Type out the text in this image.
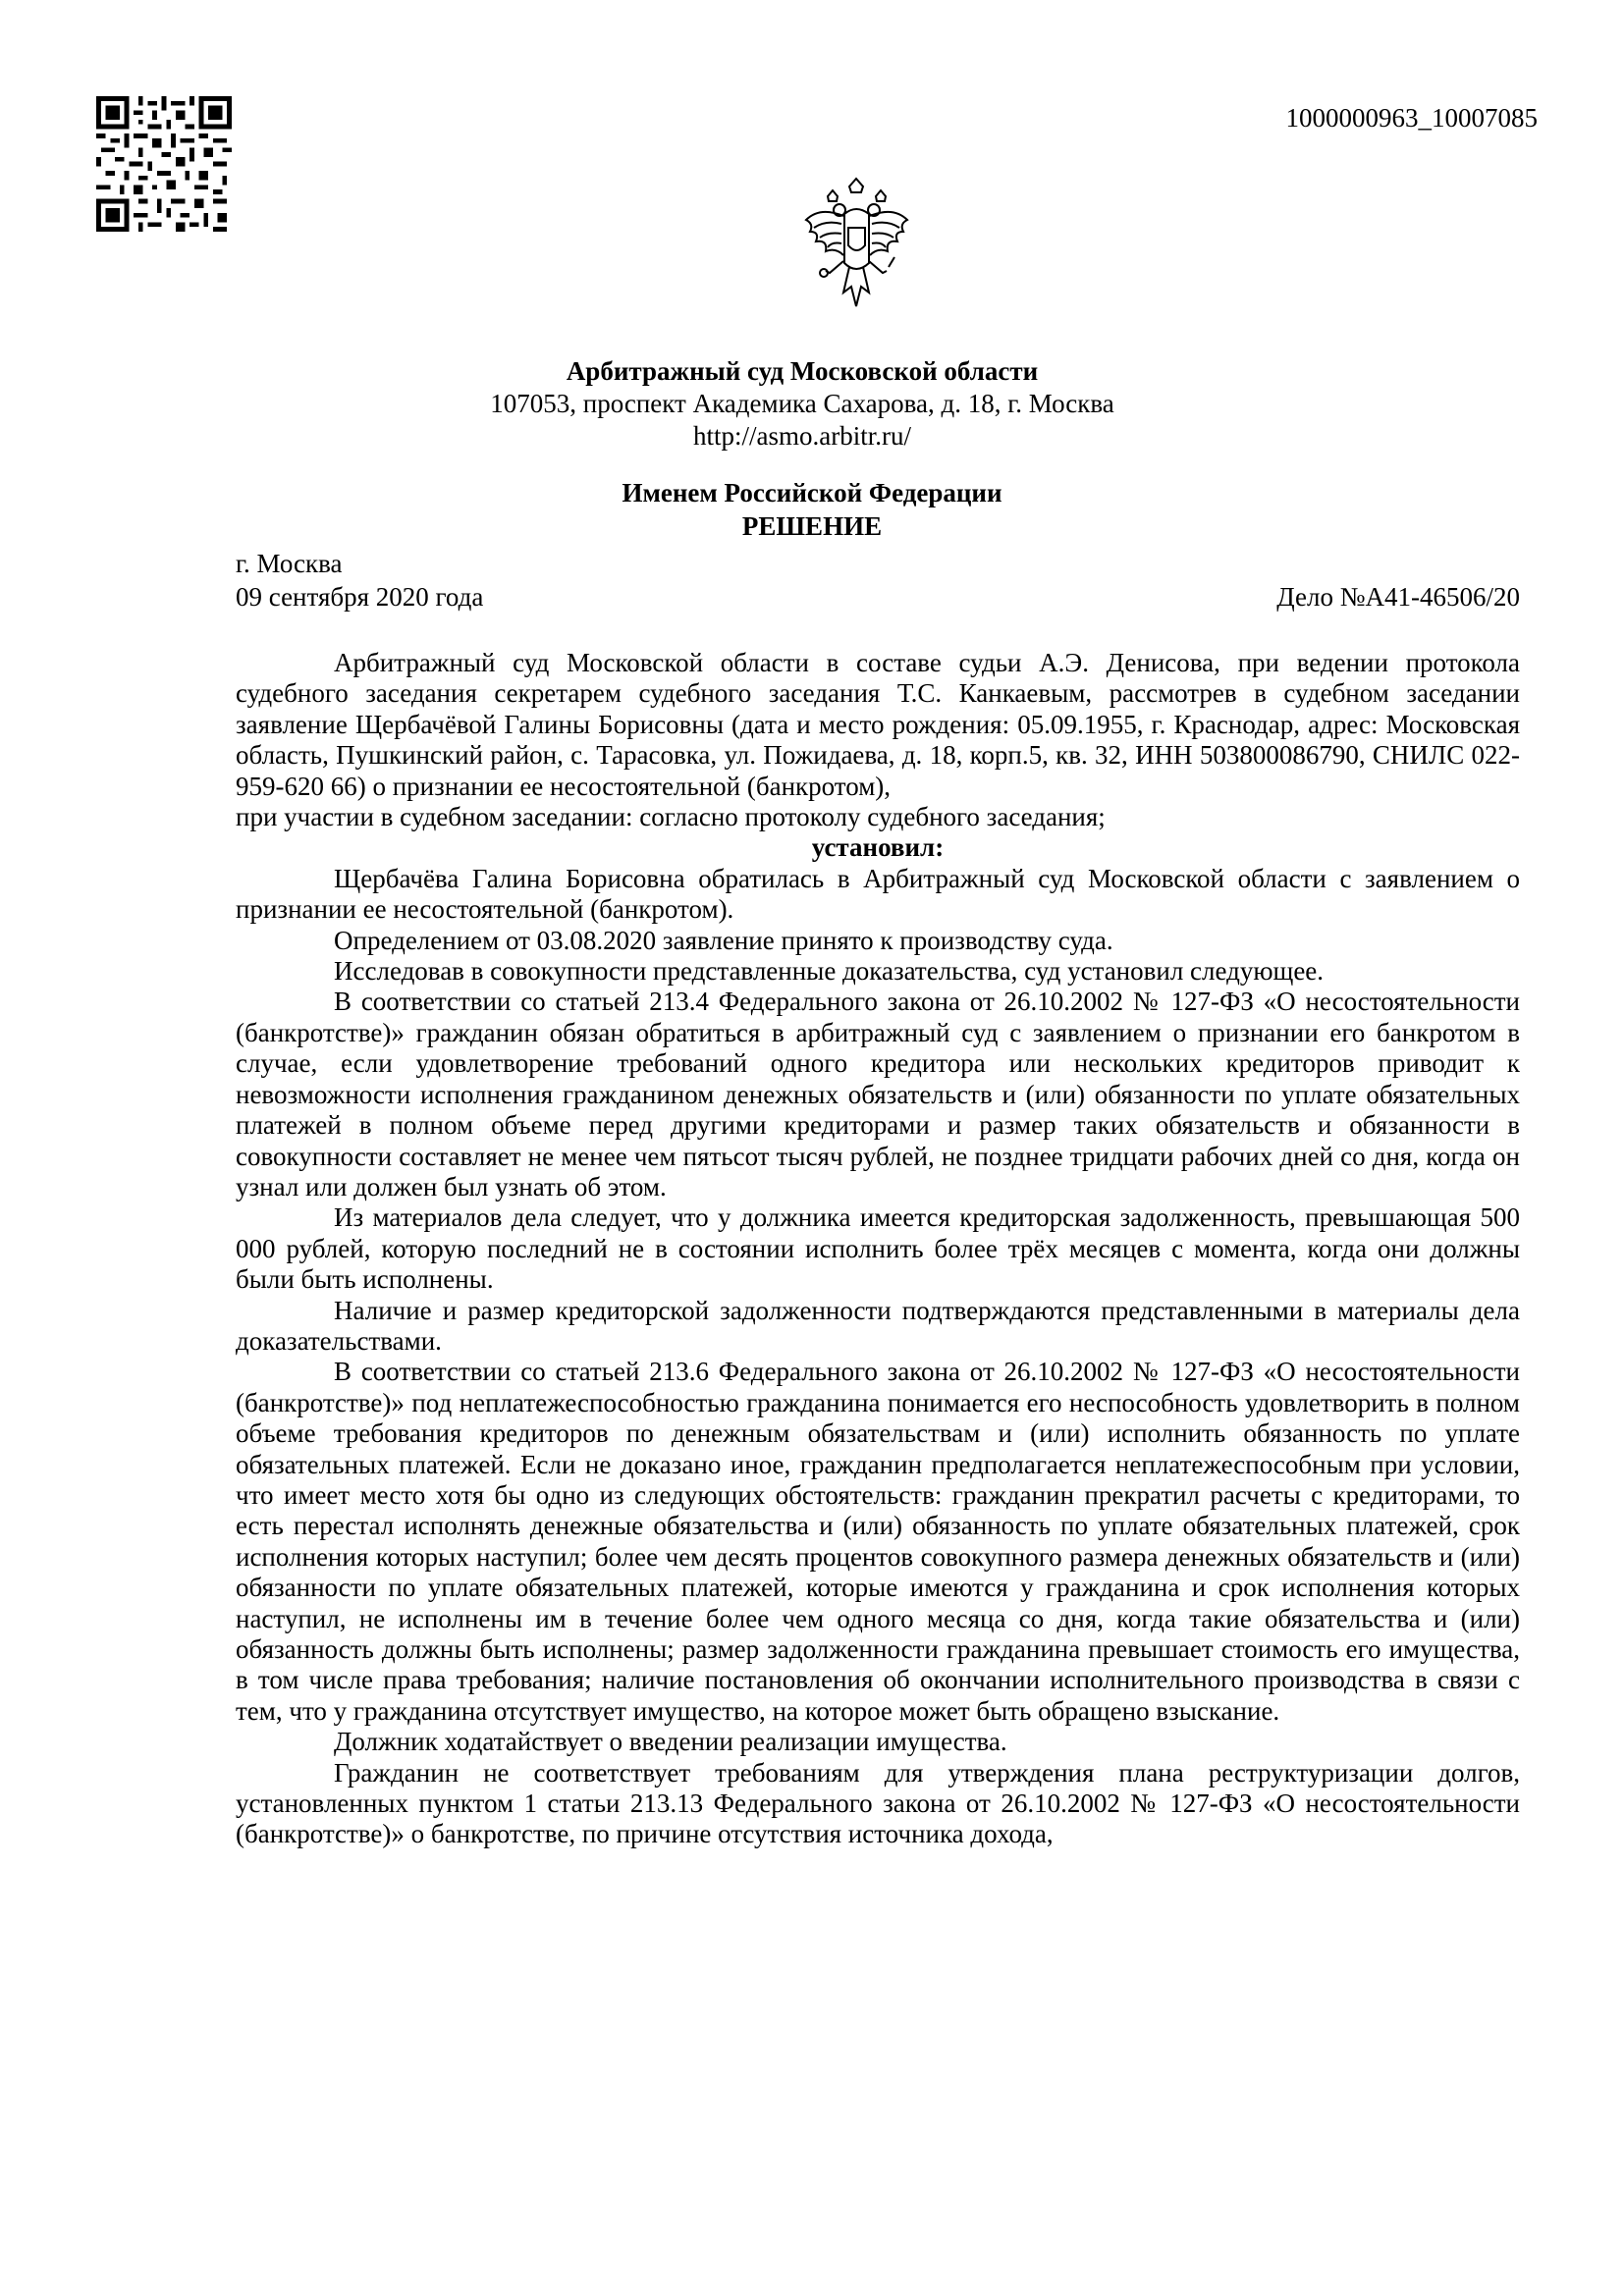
1000000963_10007085
Арбитражный суд Московской области
107053, проспект Академика Сахарова, д. 18, г. Москва
http://asmo.arbitr.ru/
Именем Российской Федерации
РЕШЕНИЕ
г. Москва
09 сентября 2020 года	Дело №А41-46506/20

Арбитражный суд Московской области в составе судьи А.Э. Денисова, при ведении протокола судебного заседания секретарем судебного заседания Т.С. Канкаевым, рассмотрев в судебном заседании заявление Щербачёвой Галины Борисовны (дата и место рождения: 05.09.1955, г. Краснодар, адрес: Московская область, Пушкинский район, с. Тарасовка, ул. Пожидаева, д. 18, корп.5, кв. 32, ИНН 503800086790, СНИЛС 022-959-620 66) о признании ее несостоятельной (банкротом),

при участии в судебном заседании: согласно протоколу судебного заседания;

установил:

Щербачёва Галина Борисовна обратилась в Арбитражный суд Московской области с заявлением о признании ее несостоятельной (банкротом).

Определением от 03.08.2020 заявление принято к производству суда.

Исследовав в совокупности представленные доказательства, суд установил следующее.

В соответствии со статьей 213.4 Федерального закона от 26.10.2002 № 127-ФЗ «О несостоятельности (банкротстве)» гражданин обязан обратиться в арбитражный суд с заявлением о признании его банкротом в случае, если удовлетворение требований одного кредитора или нескольких кредиторов приводит к невозможности исполнения гражданином денежных обязательств и (или) обязанности по уплате обязательных платежей в полном объеме перед другими кредиторами и размер таких обязательств и обязанности в совокупности составляет не менее чем пятьсот тысяч рублей, не позднее тридцати рабочих дней со дня, когда он узнал или должен был узнать об этом.

Из материалов дела следует, что у должника имеется кредиторская задолженность, превышающая 500 000 рублей, которую последний не в состоянии исполнить более трёх месяцев с момента, когда они должны были быть исполнены.

Наличие и размер кредиторской задолженности подтверждаются представленными в материалы дела доказательствами.

В соответствии со статьей 213.6 Федерального закона от 26.10.2002 № 127-ФЗ «О несостоятельности (банкротстве)» под неплатежеспособностью гражданина понимается его неспособность удовлетворить в полном объеме требования кредиторов по денежным обязательствам и (или) исполнить обязанность по уплате обязательных платежей. Если не доказано иное, гражданин предполагается неплатежеспособным при условии, что имеет место хотя бы одно из следующих обстоятельств: гражданин прекратил расчеты с кредиторами, то есть перестал исполнять денежные обязательства и (или) обязанность по уплате обязательных платежей, срок исполнения которых наступил; более чем десять процентов совокупного размера денежных обязательств и (или) обязанности по уплате обязательных платежей, которые имеются у гражданина и срок исполнения которых наступил, не исполнены им в течение более чем одного месяца со дня, когда такие обязательства и (или) обязанность должны быть исполнены; размер задолженности гражданина превышает стоимость его имущества, в том числе права требования; наличие постановления об окончании исполнительного производства в связи с тем, что у гражданина отсутствует имущество, на которое может быть обращено взыскание.

Должник ходатайствует о введении реализации имущества.

Гражданин не соответствует требованиям для утверждения плана реструктуризации долгов, установленных пунктом 1 статьи 213.13 Федерального закона от 26.10.2002 № 127-ФЗ «О несостоятельности (банкротстве)» о банкротстве, по причине отсутствия источника дохода,
